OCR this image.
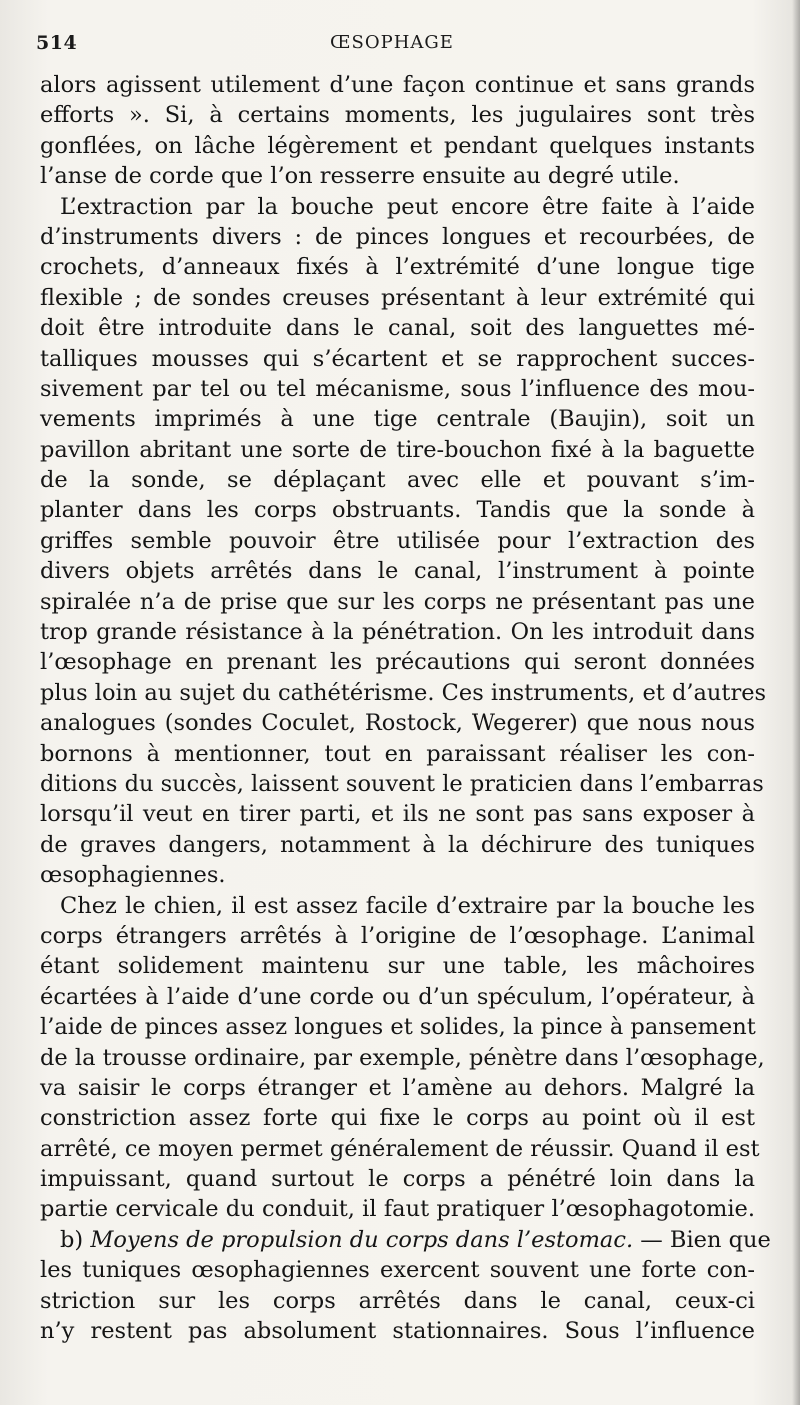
514	ŒSOPHAGE
alors agissent utilement d’une façon continue et sans grands
efforts ». Si, à certains moments, les jugulaires sont très
gonflées, on lâche légèrement et pendant quelques instants
l’anse de corde que l’on resserre ensuite au degré utile.
L’extraction par la bouche peut encore être faite à l’aide
d’instruments divers : de pinces longues et recourbées, de
crochets, d’anneaux fixés à l’extrémité d’une longue tige
flexible ; de sondes creuses présentant à leur extrémité qui
doit être introduite dans le canal, soit des languettes mé-
talliques mousses qui s’écartent et se rapprochent succes-
sivement par tel ou tel mécanisme, sous l’influence des mou-
vements imprimés à une tige centrale (Baujin), soit un
pavillon abritant une sorte de tire-bouchon fixé à la baguette
de la sonde, se déplaçant avec elle et pouvant s’im-
planter dans les corps obstruants. Tandis que la sonde à
griffes semble pouvoir être utilisée pour l’extraction des
divers objets arrêtés dans le canal, l’instrument à pointe
spiralée n’a de prise que sur les corps ne présentant pas une
trop grande résistance à la pénétration. On les introduit dans
l’œsophage en prenant les précautions qui seront données
plus loin au sujet du cathétérisme. Ces instruments, et d’autres
analogues (sondes Coculet, Rostock, Wegerer) que nous nous
bornons à mentionner, tout en paraissant réaliser les con-
ditions du succès, laissent souvent le praticien dans l’embarras
lorsqu’il veut en tirer parti, et ils ne sont pas sans exposer à
de graves dangers, notamment à la déchirure des tuniques
œsophagiennes.
Chez le chien, il est assez facile d’extraire par la bouche les
corps étrangers arrêtés à l’origine de l’œsophage. L’animal
étant solidement maintenu sur une table, les mâchoires
écartées à l’aide d’une corde ou d’un spéculum, l’opérateur, à
l’aide de pinces assez longues et solides, la pince à pansement
de la trousse ordinaire, par exemple, pénètre dans l’œsophage,
va saisir le corps étranger et l’amène au dehors. Malgré la
constriction assez forte qui fixe le corps au point où il est
arrêté, ce moyen permet généralement de réussir. Quand il est
impuissant, quand surtout le corps a pénétré loin dans la
partie cervicale du conduit, il faut pratiquer l’œsophagotomie.
b) Moyens de propulsion du corps dans l’estomac. — Bien que
les tuniques œsophagiennes exercent souvent une forte con-
striction sur les corps arrêtés dans le canal, ceux-ci
n’y restent pas absolument stationnaires. Sous l’influence
